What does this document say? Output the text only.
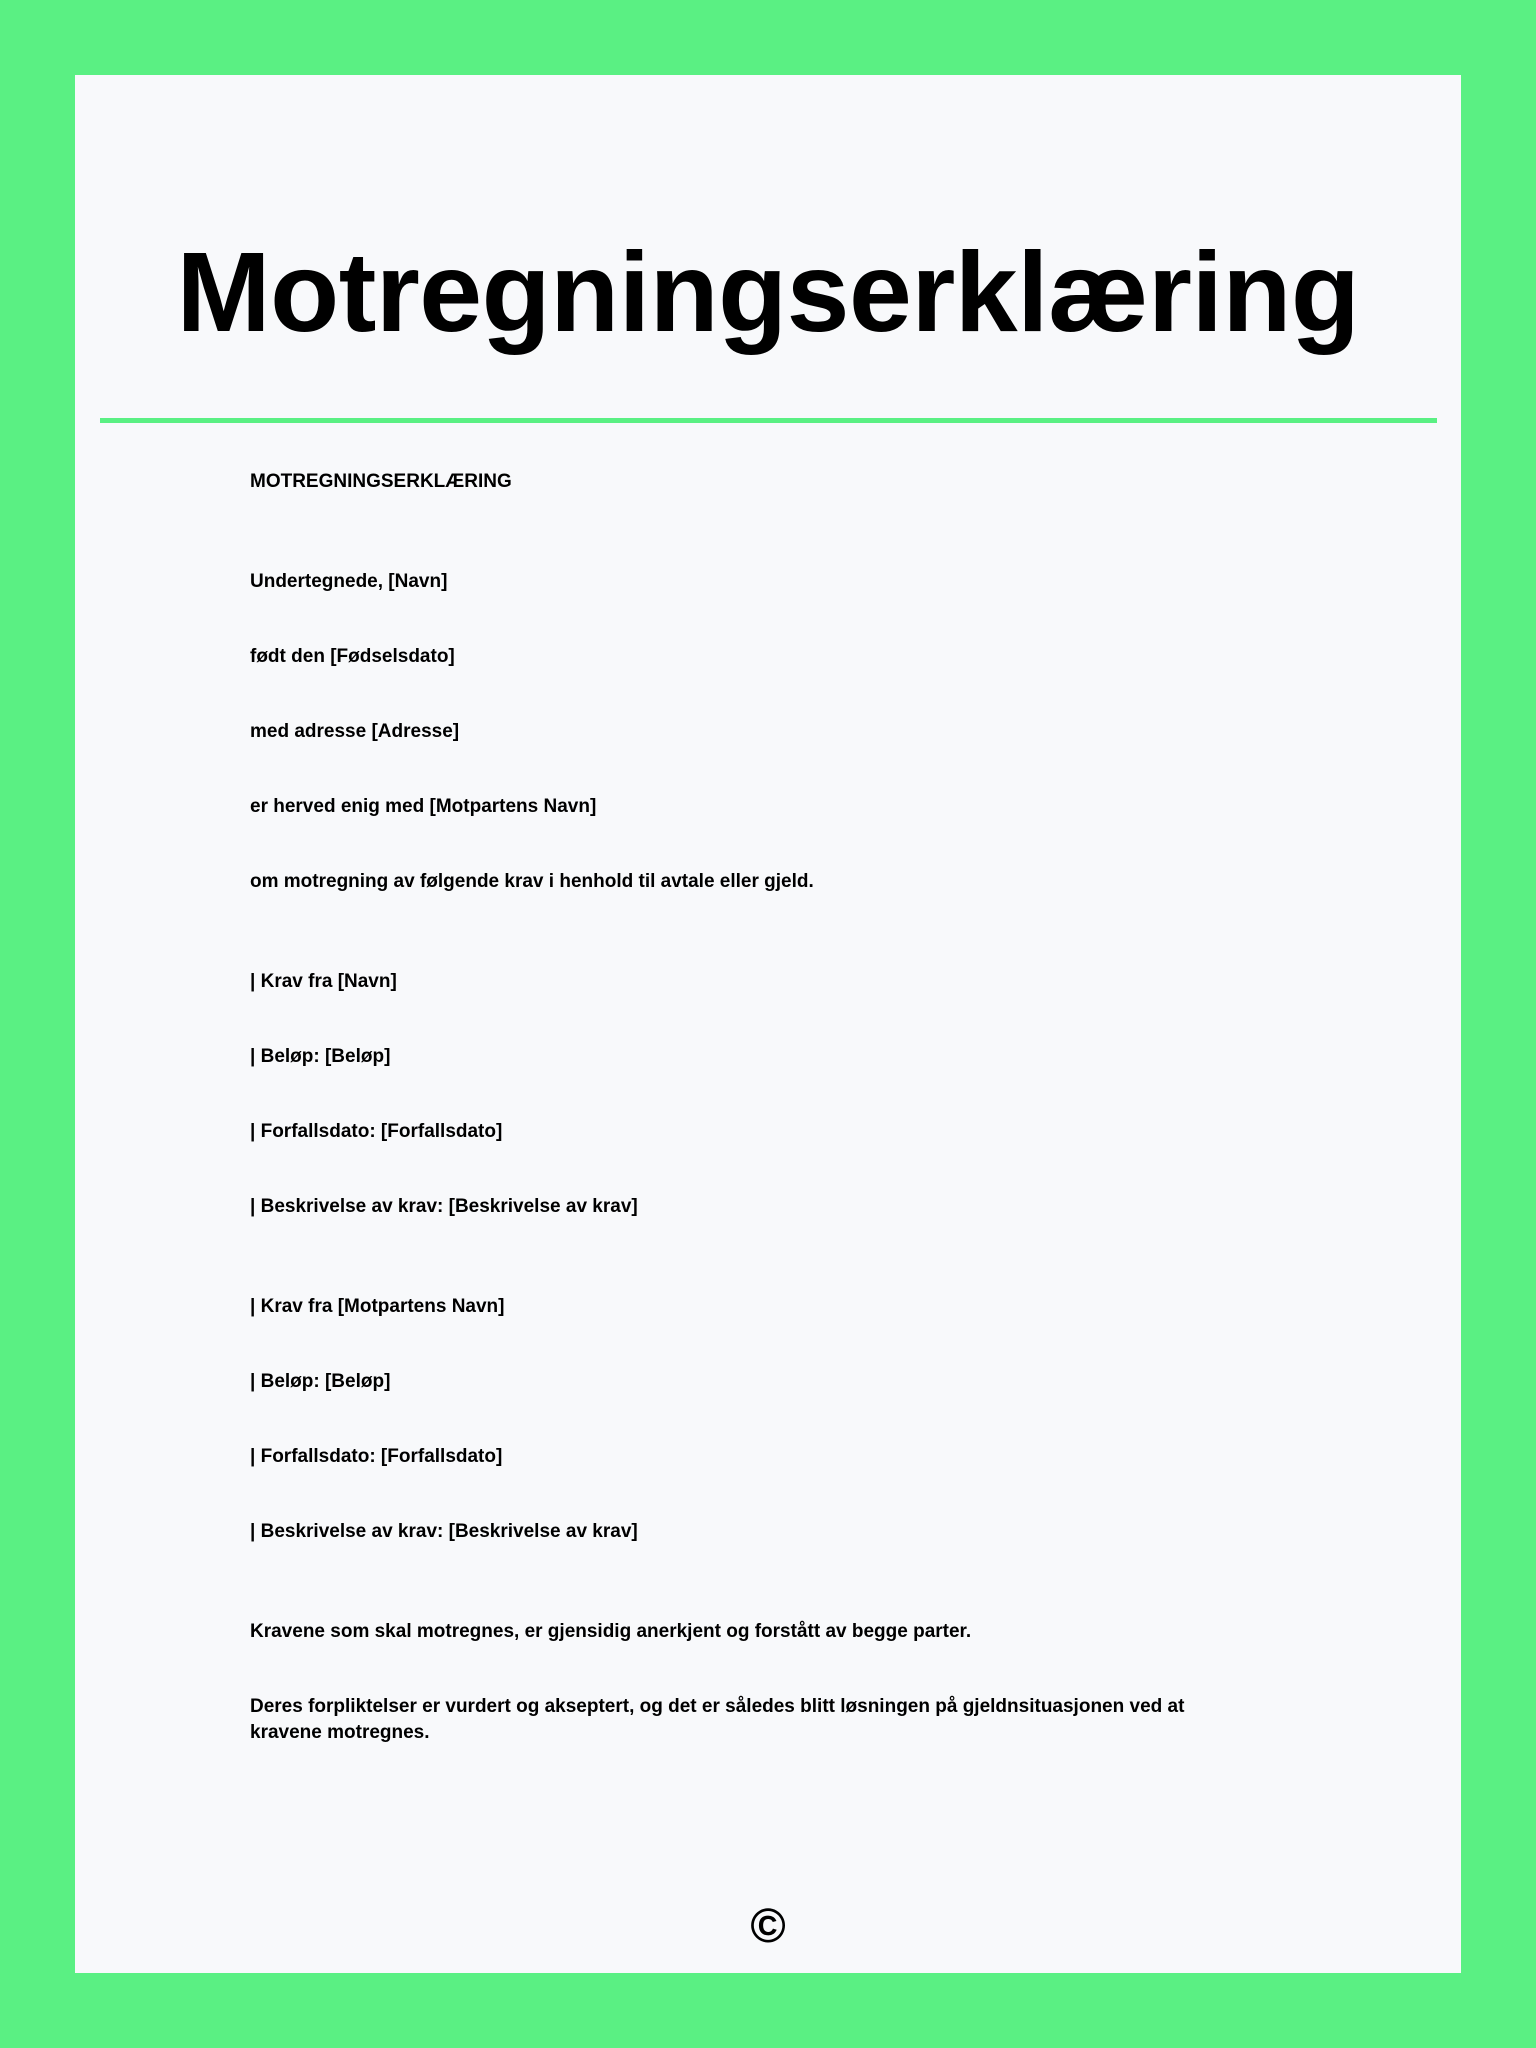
Motregningserklæring

MOTREGNINGSERKLÆRING

Undertegnede, [Navn]

født den [Fødselsdato]

med adresse [Adresse]

er herved enig med [Motpartens Navn]

om motregning av følgende krav i henhold til avtale eller gjeld.

| Krav fra [Navn]

| Beløp: [Beløp]

| Forfallsdato: [Forfallsdato]

| Beskrivelse av krav: [Beskrivelse av krav]

| Krav fra [Motpartens Navn]

| Beløp: [Beløp]

| Forfallsdato: [Forfallsdato]

| Beskrivelse av krav: [Beskrivelse av krav]

Kravene som skal motregnes, er gjensidig anerkjent og forstått av begge parter.

Deres forpliktelser er vurdert og akseptert, og det er således blitt løsningen på gjeldnsituasjonen ved at kravene motregnes.

©
